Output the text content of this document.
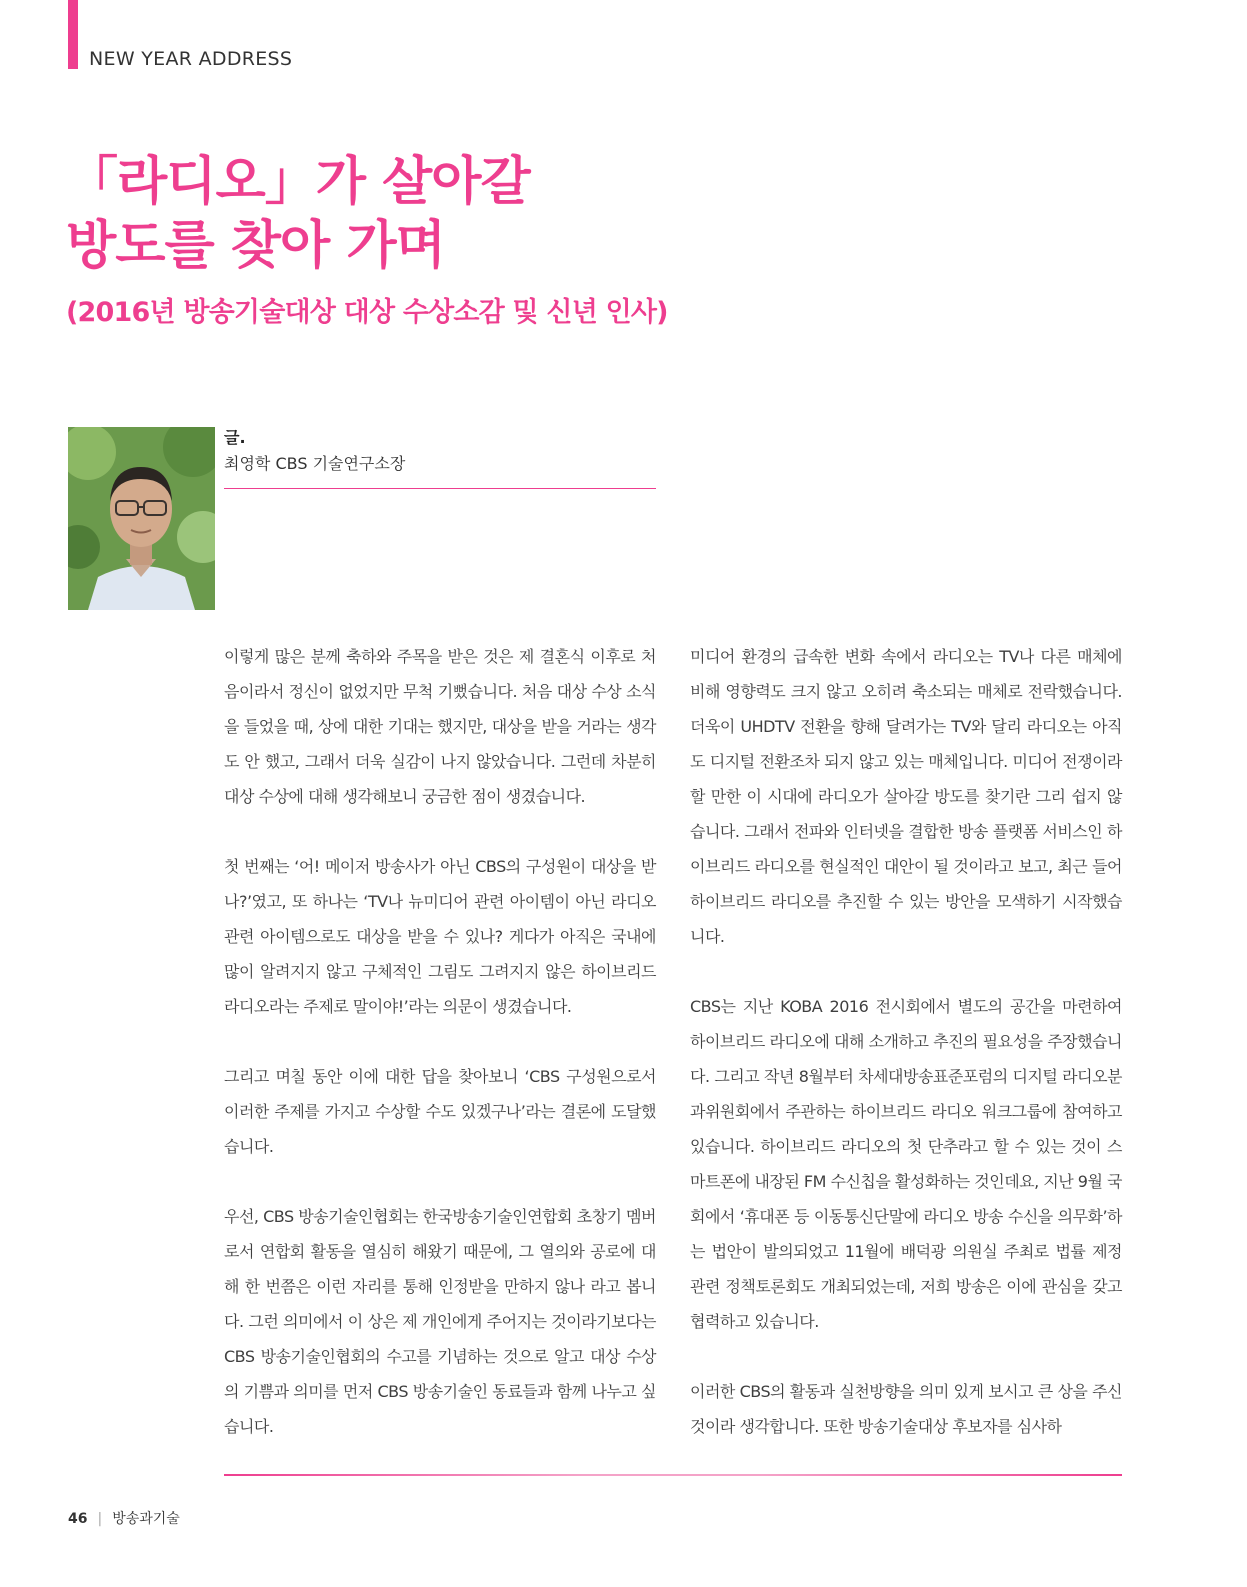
NEW YEAR ADDRESS
「라디오」가 살아갈
방도를 찾아 가며
(2016년 방송기술대상 대상 수상소감 및 신년 인사)
글.
최영학 CBS 기술연구소장

이렇게 많은 분께 축하와 주목을 받은 것은 제 결혼식 이후로 처음이라서 정신이 없었지만 무척 기뻤습니다. 처음 대상 수상 소식을 들었을 때, 상에 대한 기대는 했지만, 대상을 받을 거라는 생각도 안 했고, 그래서 더욱 실감이 나지 않았습니다. 그런데 차분히 대상 수상에 대해 생각해보니 궁금한 점이 생겼습니다.

첫 번째는 ‘어! 메이저 방송사가 아닌 CBS의 구성원이 대상을 받나?’였고, 또 하나는 ‘TV나 뉴미디어 관련 아이템이 아닌 라디오 관련 아이템으로도 대상을 받을 수 있나? 게다가 아직은 국내에 많이 알려지지 않고 구체적인 그림도 그려지지 않은 하이브리드 라디오라는 주제로 말이야!’라는 의문이 생겼습니다.

그리고 며칠 동안 이에 대한 답을 찾아보니 ‘CBS 구성원으로서 이러한 주제를 가지고 수상할 수도 있겠구나’라는 결론에 도달했습니다.

우선, CBS 방송기술인협회는 한국방송기술인연합회 초창기 멤버로서 연합회 활동을 열심히 해왔기 때문에, 그 열의와 공로에 대해 한 번쯤은 이런 자리를 통해 인정받을 만하지 않나 라고 봅니다. 그런 의미에서 이 상은 제 개인에게 주어지는 것이라기보다는 CBS 방송기술인협회의 수고를 기념하는 것으로 알고 대상 수상의 기쁨과 의미를 먼저 CBS 방송기술인 동료들과 함께 나누고 싶습니다.

미디어 환경의 급속한 변화 속에서 라디오는 TV나 다른 매체에 비해 영향력도 크지 않고 오히려 축소되는 매체로 전락했습니다. 더욱이 UHDTV 전환을 향해 달려가는 TV와 달리 라디오는 아직도 디지털 전환조차 되지 않고 있는 매체입니다. 미디어 전쟁이라 할 만한 이 시대에 라디오가 살아갈 방도를 찾기란 그리 쉽지 않습니다. 그래서 전파와 인터넷을 결합한 방송 플랫폼 서비스인 하이브리드 라디오를 현실적인 대안이 될 것이라고 보고, 최근 들어 하이브리드 라디오를 추진할 수 있는 방안을 모색하기 시작했습니다.

CBS는 지난 KOBA 2016 전시회에서 별도의 공간을 마련하여 하이브리드 라디오에 대해 소개하고 추진의 필요성을 주장했습니다. 그리고 작년 8월부터 차세대방송표준포럼의 디지털 라디오분과위원회에서 주관하는 하이브리드 라디오 워크그룹에 참여하고 있습니다. 하이브리드 라디오의 첫 단추라고 할 수 있는 것이 스마트폰에 내장된 FM 수신칩을 활성화하는 것인데요, 지난 9월 국회에서 ‘휴대폰 등 이동통신단말에 라디오 방송 수신을 의무화’하는 법안이 발의되었고 11월에 배덕광 의원실 주최로 법률 제정 관련 정책토론회도 개최되었는데, 저희 방송은 이에 관심을 갖고 협력하고 있습니다.

이러한 CBS의 활동과 실천방향을 의미 있게 보시고 큰 상을 주신 것이라 생각합니다. 또한 방송기술대상 후보자를 심사하

46 | 방송과기술
